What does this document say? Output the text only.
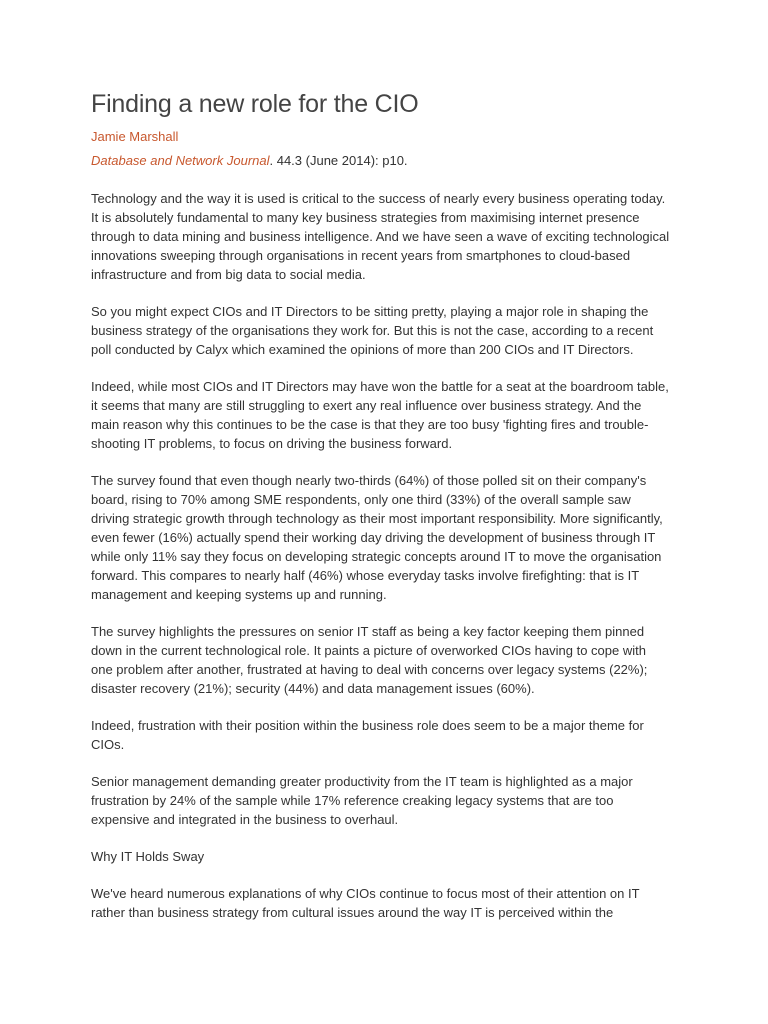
Finding a new role for the CIO
Jamie Marshall
Database and Network Journal. 44.3 (June 2014): p10.

Technology and the way it is used is critical to the success of nearly every business operating today.
It is absolutely fundamental to many key business strategies from maximising internet presence
through to data mining and business intelligence. And we have seen a wave of exciting technological
innovations sweeping through organisations in recent years from smartphones to cloud-based
infrastructure and from big data to social media.

So you might expect CIOs and IT Directors to be sitting pretty, playing a major role in shaping the
business strategy of the organisations they work for. But this is not the case, according to a recent
poll conducted by Calyx which examined the opinions of more than 200 CIOs and IT Directors.

Indeed, while most CIOs and IT Directors may have won the battle for a seat at the boardroom table,
it seems that many are still struggling to exert any real influence over business strategy. And the
main reason why this continues to be the case is that they are too busy 'fighting fires and trouble-
shooting IT problems, to focus on driving the business forward.

The survey found that even though nearly two-thirds (64%) of those polled sit on their company's
board, rising to 70% among SME respondents, only one third (33%) of the overall sample saw
driving strategic growth through technology as their most important responsibility. More significantly,
even fewer (16%) actually spend their working day driving the development of business through IT
while only 11% say they focus on developing strategic concepts around IT to move the organisation
forward. This compares to nearly half (46%) whose everyday tasks involve firefighting: that is IT
management and keeping systems up and running.

The survey highlights the pressures on senior IT staff as being a key factor keeping them pinned
down in the current technological role. It paints a picture of overworked CIOs having to cope with
one problem after another, frustrated at having to deal with concerns over legacy systems (22%);
disaster recovery (21%); security (44%) and data management issues (60%).

Indeed, frustration with their position within the business role does seem to be a major theme for
CIOs.

Senior management demanding greater productivity from the IT team is highlighted as a major
frustration by 24% of the sample while 17% reference creaking legacy systems that are too
expensive and integrated in the business to overhaul.

Why IT Holds Sway

We've heard numerous explanations of why CIOs continue to focus most of their attention on IT
rather than business strategy from cultural issues around the way IT is perceived within the
